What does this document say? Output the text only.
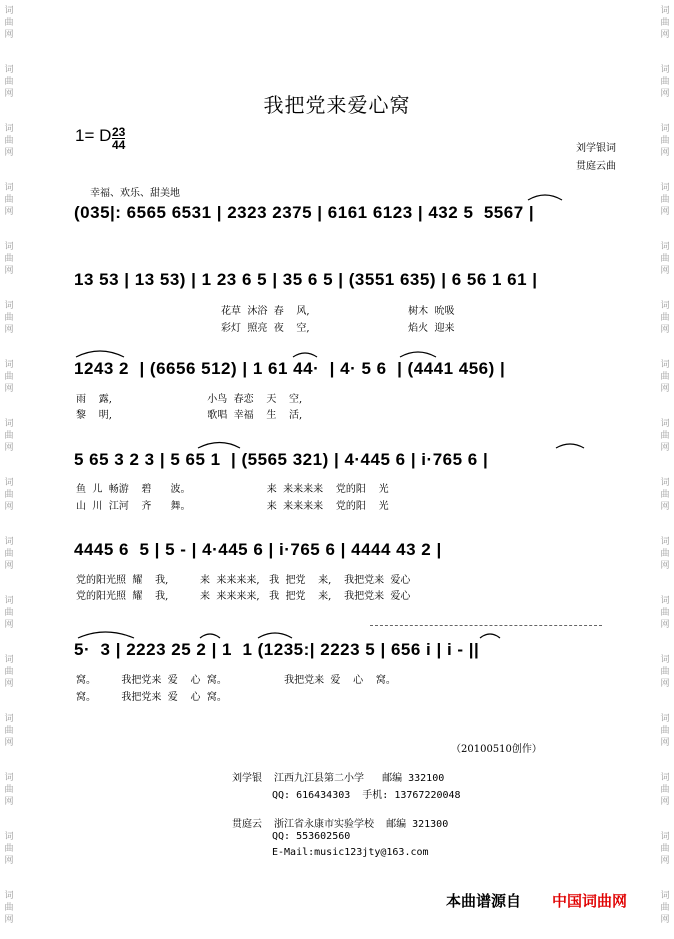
词
曲
网
词
曲
网
词
曲
网
词
曲
网
词
曲
网
词
曲
网
词
曲
网
词
曲
网
词
曲
网
词
曲
网
词
曲
网
词
曲
网
词
曲
网
词
曲
网
词
曲
网
词
曲
网
词
曲
网
词
曲
网
词
曲
网
词
曲
网
词
曲
网
词
曲
网
词
曲
网
词
曲
网
词
曲
网
词
曲
网
词
曲
网
词
曲
网
词
曲
网
词
曲
网
词
曲
网
词
曲
网
我把党来爱心窝
1= D 23
44	刘学银词
贯庭云曲
幸福、欢乐、甜美地
(035|: 6565 6531 | 2323 2375 | 6161 6123 | 432 5  5567 |
13 53 | 13 53) | 1 23 6 5 | 35 6 5 | (3551 635) | 6 56 1 61 |
花草  沐浴  春    风,                               树木  吮吸
彩灯  照亮  夜    空,                               焰火  迎来
1243 2  | (6656 512) | 1 61 44·  | 4· 5 6  | (4441 456) |
雨    露,                              小鸟  春恋    天    空,
黎    明,                              歌唱  幸福    生    活,
5 65 3 2 3 | 5 65 1  | (5565 321) | 4·445 6 | i·765 6 |
鱼  儿  畅游    碧      波。                        来  来来来来    党的阳    光
山  川  江河    齐      舞。                        来  来来来来    党的阳    光
4445 6  5 | 5 - | 4·445 6 | i·765 6 | 4444 43 2 |
党的阳光照  耀    我,          来  来来来来,   我  把党    来,    我把党来  爱心
党的阳光照  耀    我,          来  来来来来,   我  把党    来,    我把党来  爱心
5·  3 | 2223 25 2 | 1  1 (1235:| 2223 5 | 656 i | i - ||
窝。        我把党来  爱    心  窝。                  我把党来  爱    心    窝。
窝。        我把党来  爱    心  窝。
（20100510创作）
刘学银  江西九江县第二小学   邮编 332100
QQ: 616434303  手机: 13767220048
贯庭云  浙江省永康市实验学校  邮编 321300
QQ: 553602560
E-Mail:music123jty@163.com
本曲谱源自 中国词曲网
